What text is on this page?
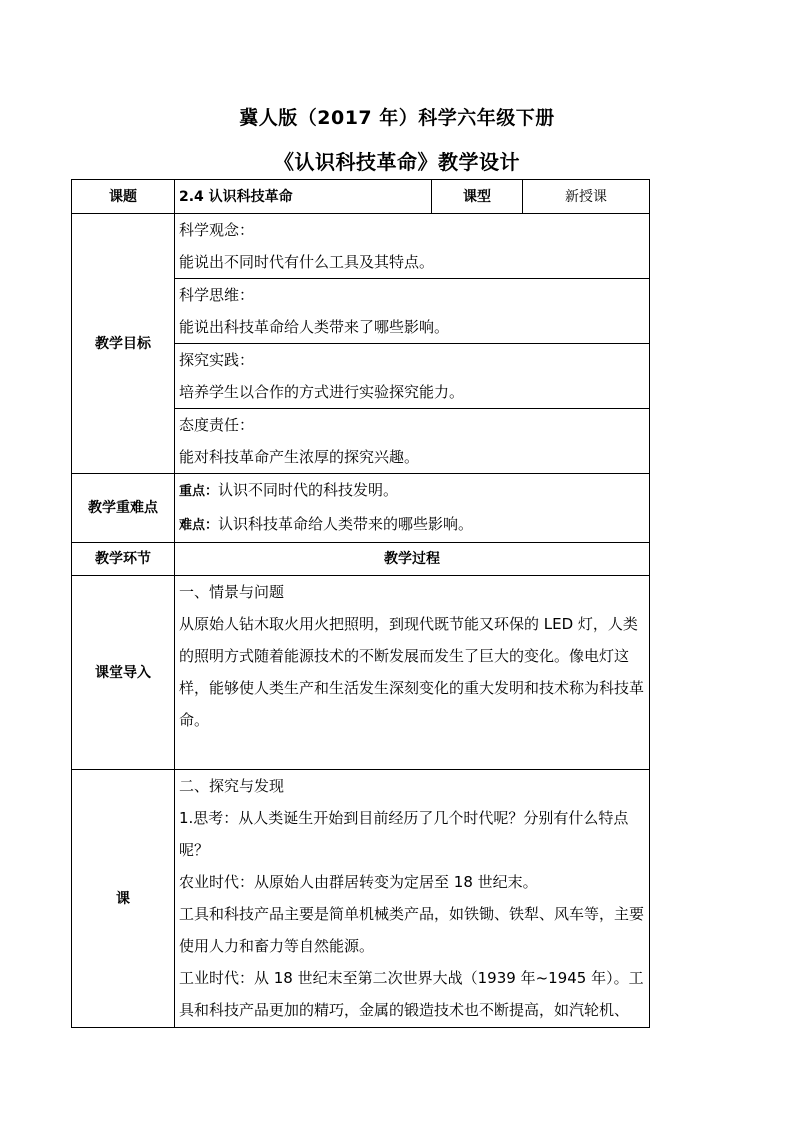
冀人版（2017 年）科学六年级下册
《认识科技革命》教学设计
课题	2.4 认识科技革命	课型	新授课
教学目标	科学观念：
能说出不同时代有什么工具及其特点。		

	科学思维：
能说出科技革命给人类带来了哪些影响。		

	探究实践：
培养学生以合作的方式进行实验探究能力。		

	态度责任：
能对科技革命产生浓厚的探究兴趣。		

教学重难点	重点：认识不同时代的科技发明。
难点：认识科技革命给人类带来的哪些影响。		

教学环节	教学过程		
课堂导入	一、情景与问题
从原始人钻木取火用火把照明，到现代既节能又环保的 LED 灯，人类的照明方式随着能源技术的不断发展而发生了巨大的变化。像电灯这样，能够使人类生产和生活发生深刻变化的重大发明和技术称为科技革命。		

课	二、探究与发现
1.思考：从人类诞生开始到目前经历了几个时代呢？分别有什么特点呢？
农业时代：从原始人由群居转变为定居至 18 世纪末。
工具和科技产品主要是简单机械类产品，如铁锄、铁犁、风车等，主要使用人力和畜力等自然能源。
工业时代：从 18 世纪末至第二次世界大战（1939 年~1945 年）。工具和科技产品更加的精巧，金属的锻造技术也不断提高，如汽轮机、		
